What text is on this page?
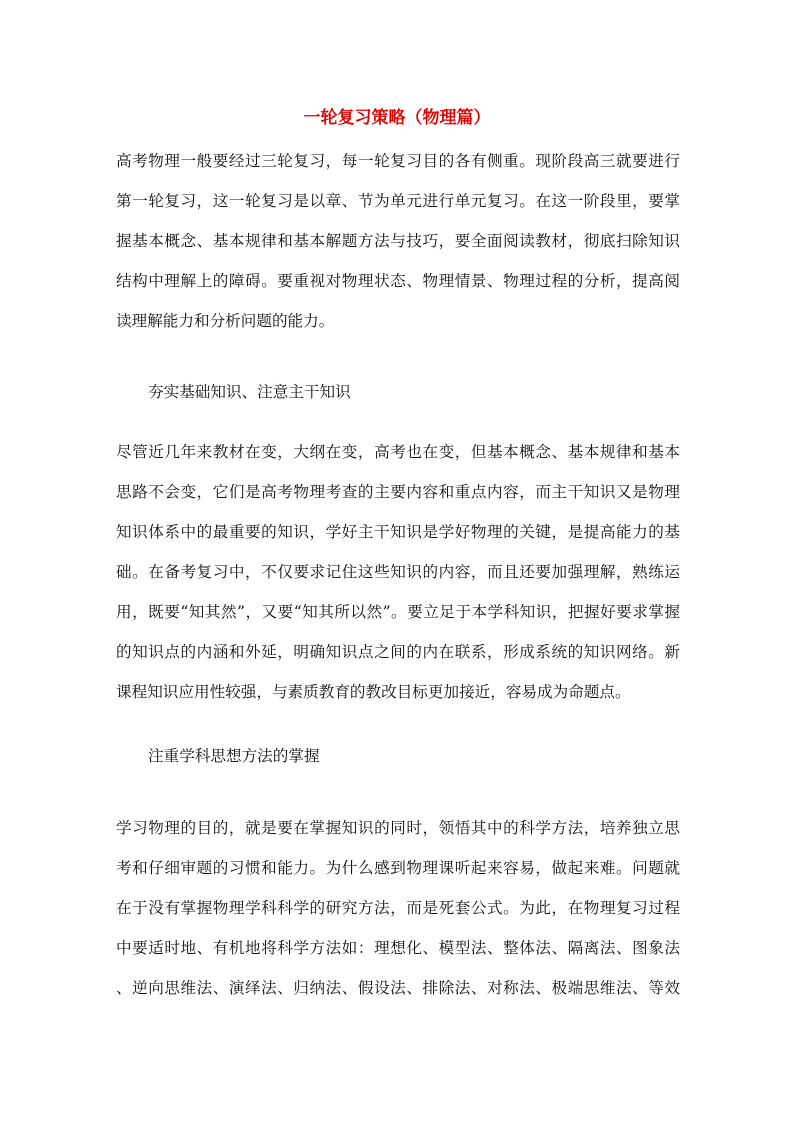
一轮复习策略（物理篇）

高考物理一般要经过三轮复习，每一轮复习目的各有侧重。现阶段高三就要进行
第一轮复习，这一轮复习是以章、节为单元进行单元复习。在这一阶段里，要掌
握基本概念、基本规律和基本解题方法与技巧，要全面阅读教材，彻底扫除知识
结构中理解上的障碍。要重视对物理状态、物理情景、物理过程的分析，提高阅
读理解能力和分析问题的能力。

夯实基础知识、注意主干知识

尽管近几年来教材在变，大纲在变，高考也在变，但基本概念、基本规律和基本
思路不会变，它们是高考物理考查的主要内容和重点内容，而主干知识又是物理
知识体系中的最重要的知识，学好主干知识是学好物理的关键，是提高能力的基
础。在备考复习中，不仅要求记住这些知识的内容，而且还要加强理解，熟练运
用，既要“知其然”，又要“知其所以然”。要立足于本学科知识，把握好要求掌握
的知识点的内涵和外延，明确知识点之间的内在联系，形成系统的知识网络。新
课程知识应用性较强，与素质教育的教改目标更加接近，容易成为命题点。

注重学科思想方法的掌握

学习物理的目的，就是要在掌握知识的同时，领悟其中的科学方法，培养独立思
考和仔细审题的习惯和能力。为什么感到物理课听起来容易，做起来难。问题就
在于没有掌握物理学科科学的研究方法，而是死套公式。为此，在物理复习过程
中要适时地、有机地将科学方法如：理想化、模型法、整体法、隔离法、图象法
、逆向思维法、演绎法、归纳法、假设法、排除法、对称法、极端思维法、等效
